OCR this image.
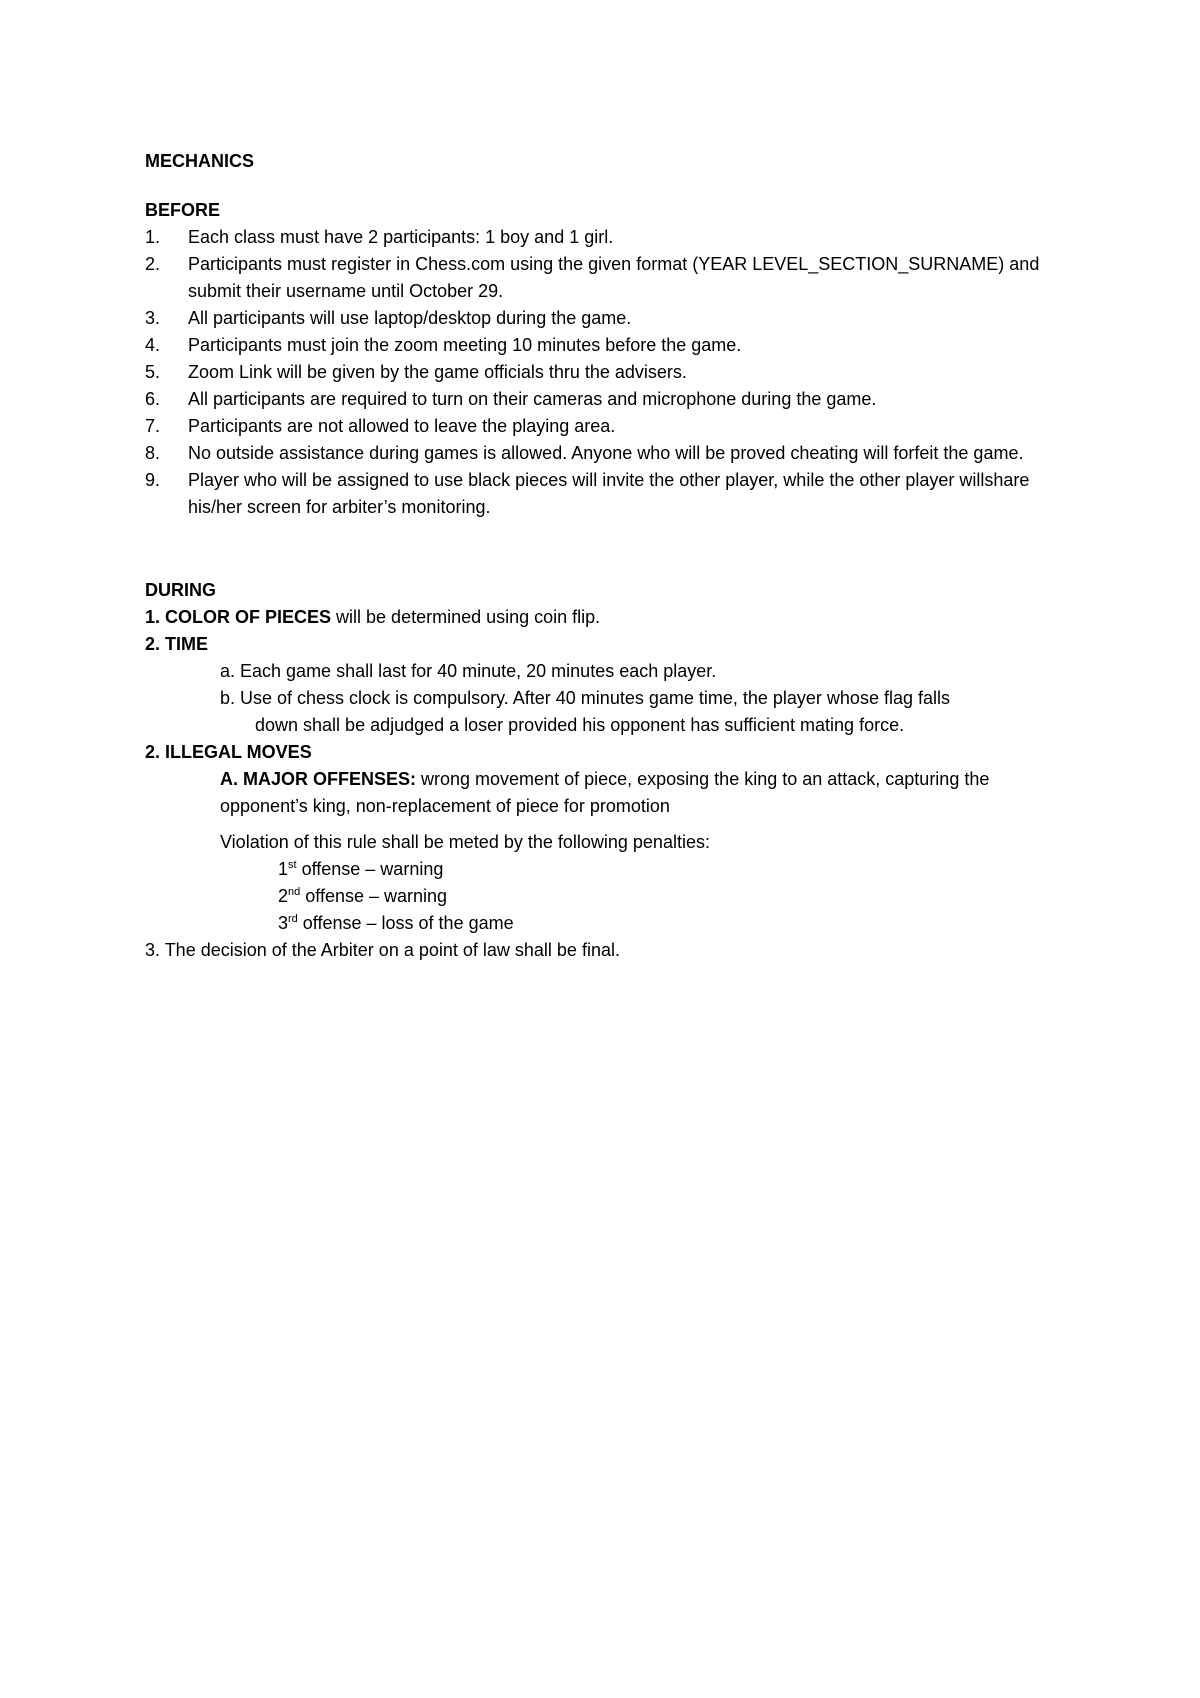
MECHANICS
BEFORE
1. Each class must have 2 participants: 1 boy and 1 girl.
2. Participants must register in Chess.com using the given format (YEAR LEVEL_SECTION_SURNAME) and submit their username until October 29.
3. All participants will use laptop/desktop during the game.
4. Participants must join the zoom meeting 10 minutes before the game.
5. Zoom Link will be given by the game officials thru the advisers.
6. All participants are required to turn on their cameras and microphone during the game.
7. Participants are not allowed to leave the playing area.
8. No outside assistance during games is allowed. Anyone who will be proved cheating will forfeit the game.
9. Player who will be assigned to use black pieces will invite the other player, while the other player willshare his/her screen for arbiter’s monitoring.
DURING
1. COLOR OF PIECES will be determined using coin flip.
2. TIME
a. Each game shall last for 40 minute, 20 minutes each player.
b. Use of chess clock is compulsory. After 40 minutes game time, the player whose flag falls
down shall be adjudged a loser provided his opponent has sufficient mating force.
2. ILLEGAL MOVES
A. MAJOR OFFENSES: wrong movement of piece, exposing the king to an attack, capturing the opponent’s king, non-replacement of piece for promotion
Violation of this rule shall be meted by the following penalties:
1st offense – warning
2nd offense – warning
3rd offense – loss of the game
3. The decision of the Arbiter on a point of law shall be final.
